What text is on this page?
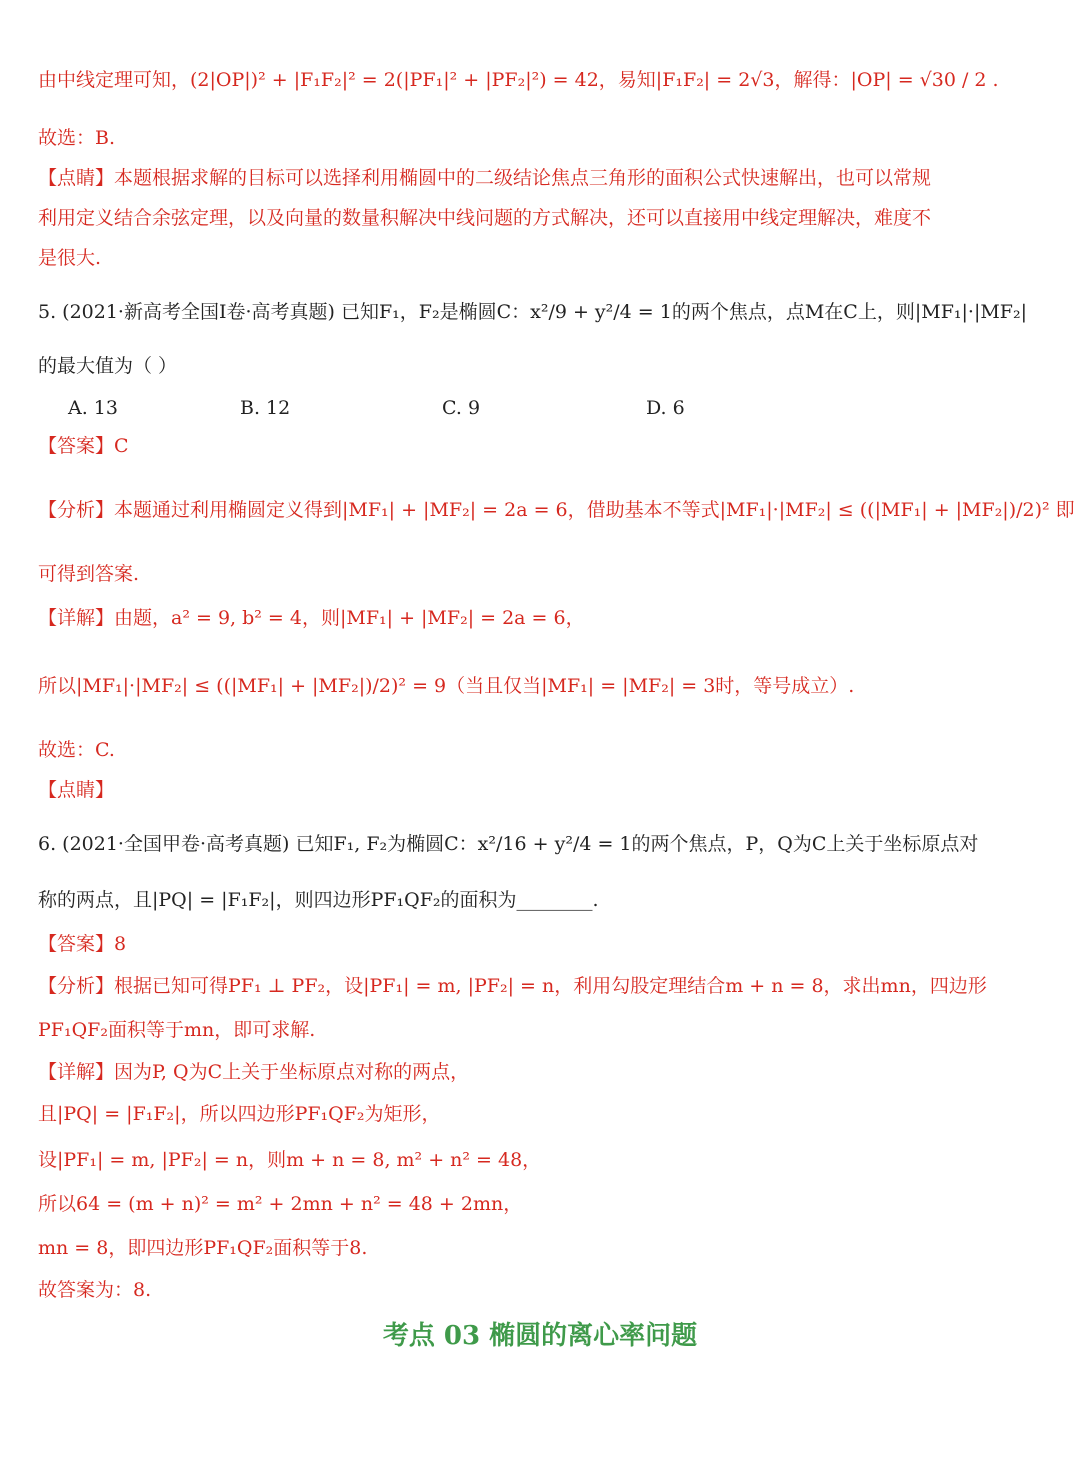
由中线定理可知，(2|OP|)² + |F₁F₂|² = 2(|PF₁|² + |PF₂|²) = 42，易知|F₁F₂| = 2√3，解得：|OP| = √30 / 2 .
故选：B.
【点睛】本题根据求解的目标可以选择利用椭圆中的二级结论焦点三角形的面积公式快速解出，也可以常规
利用定义结合余弦定理，以及向量的数量积解决中线问题的方式解决，还可以直接用中线定理解决，难度不
是很大.
5. (2021·新高考全国I卷·高考真题) 已知F₁，F₂是椭圆C：x²/9 + y²/4 = 1的两个焦点，点M在C上，则|MF₁|·|MF₂|
的最大值为（ ）
【答案】C
【分析】本题通过利用椭圆定义得到|MF₁| + |MF₂| = 2a = 6，借助基本不等式|MF₁|·|MF₂| ≤ ((|MF₁| + |MF₂|)/2)² 即
可得到答案.
【详解】由题，a² = 9, b² = 4，则|MF₁| + |MF₂| = 2a = 6，
所以|MF₁|·|MF₂| ≤ ((|MF₁| + |MF₂|)/2)² = 9（当且仅当|MF₁| = |MF₂| = 3时，等号成立）.
故选：C.
【点睛】
6. (2021·全国甲卷·高考真题) 已知F₁, F₂为椭圆C：x²/16 + y²/4 = 1的两个焦点，P，Q为C上关于坐标原点对
称的两点，且|PQ| = |F₁F₂|，则四边形PF₁QF₂的面积为________.
【答案】8
【分析】根据已知可得PF₁ ⊥ PF₂，设|PF₁| = m, |PF₂| = n，利用勾股定理结合m + n = 8，求出mn，四边形
PF₁QF₂面积等于mn，即可求解.
【详解】因为P, Q为C上关于坐标原点对称的两点，
且|PQ| = |F₁F₂|，所以四边形PF₁QF₂为矩形，
设|PF₁| = m, |PF₂| = n，则m + n = 8, m² + n² = 48，
所以64 = (m + n)² = m² + 2mn + n² = 48 + 2mn，
mn = 8，即四边形PF₁QF₂面积等于8.
故答案为：8.
A. 13	B. 12	C. 9	D. 6
考点 03 椭圆的离心率问题
